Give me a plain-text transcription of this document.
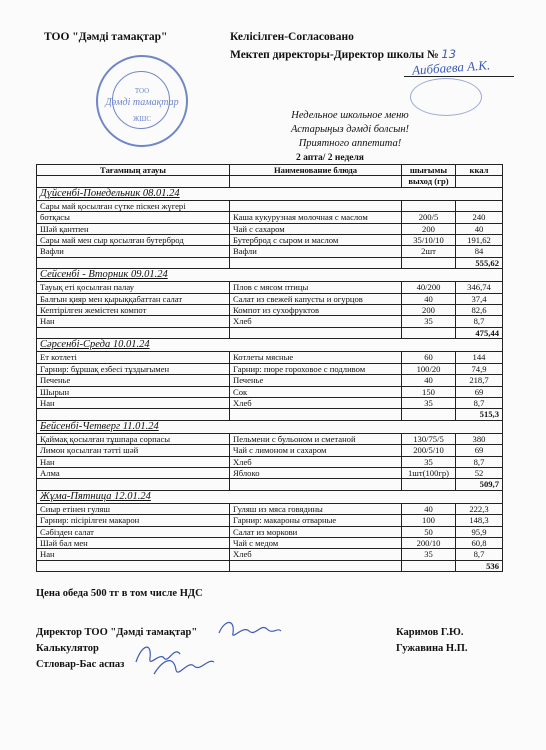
ТОО "Дәмді тамақтар"	Келісілген-Согласовано
Мектеп директоры-Директор школы № 13
Аиббаева А.К.
ТОО
Дәмді тамақтар
ЖШС	Недельное школьное меню
Астарыңыз дәмді болсын!
Приятного аппетита!
2 апта/ 2 неделя
Тағамның атауы	Наименование блюда	шығымы	ккал
		выход (гр)	
Дүйсенбі-Понедельник 08.01.24			
Сары май қосылған сүтке піскен жүгері			
ботқасы	Каша кукурузная молочная с маслом	200/5	240
Шәй қантпен	Чай с сахаром	200	40
Сары май мен сыр қосылған бутерброд	Бутерброд с сыром и маслом	35/10/10	191,62
Вафли	Вафли	2шт	84
			555,62
Сейсенбі - Вторник 09.01.24			
Тауық еті қосылған палау	Плов с мясом птицы	40/200	346,74
Балғын қияр мен қырыққабаттан салат	Салат из свежей капусты и огурцов	40	37,4
Кептірілген жемістен компот	Компот из сухофруктов	200	82,6
Нан	Хлеб	35	8,7
			475,44
Сәрсенбі-Среда 10.01.24			
Ет котлеті	Котлеты мясные	60	144
Гарнир: бұршақ езбесі тұздығымен	Гарнир: пюре гороховое с подливом	100/20	74,9
Печенье	Печенье	40	218,7
Шырын	Сок	150	69
Нан	Хлеб	35	8,7
			515,3
Бейсенбі-Четверг 11.01.24			
Қаймақ қосылған тұшпара сорпасы	Пельмени с бульоном и сметаной	130/75/5	380
Лимон қосылған тәтті шәй	Чай с лимоном и сахаром	200/5/10	69
Нан	Хлеб	35	8,7
Алма	Яблоко	1шт(100гр)	52
			509,7
Жұма-Пятница 12.01.24			
Сиыр етінен гуляш	Гуляш из мяса говядины	40	222,3
Гарнир: пісірілген макарон	Гарнир: макароны отварные	100	148,3
Сәбізден салат	Салат из моркови	50	95,9
Шәй бал мен	Чай с медом	200/10	60,8
Нан	Хлеб	35	8,7
			536
Цена обеда 500 тг в том числе НДС
Директор ТОО "Дәмді тамақтар"	Каримов Г.Ю.
Калькулятор	Гужавина Н.П.
Стловар-Бас аспаз
